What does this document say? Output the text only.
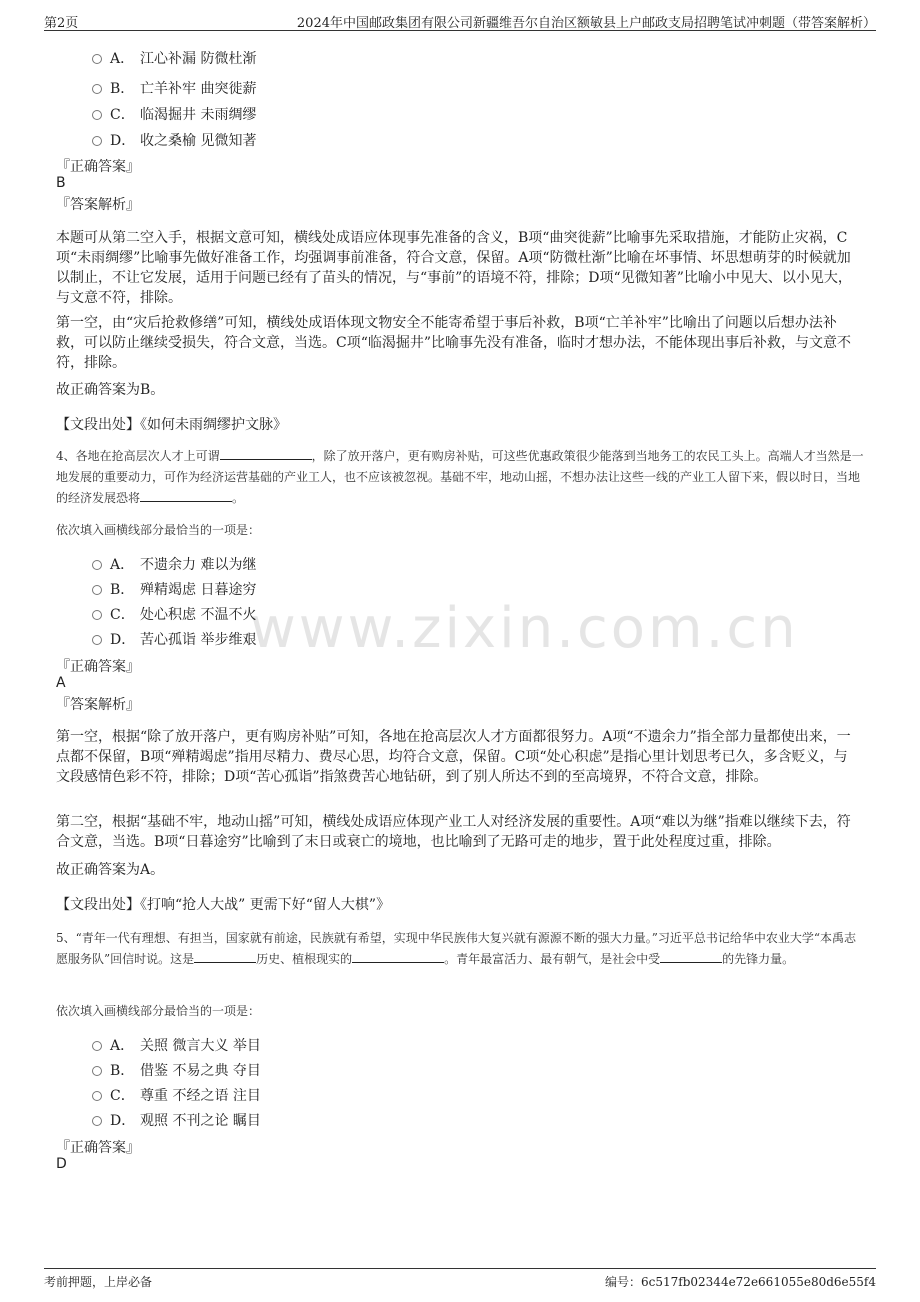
第2页	2024年中国邮政集团有限公司新疆维吾尔自治区额敏县上户邮政支局招聘笔试冲刺题（带答案解析）
www.zixin.com.cn
A． 江心补漏 防微杜渐
B． 亡羊补牢 曲突徙薪
C． 临渴掘井 未雨绸缪
D． 收之桑榆 见微知著
『正确答案』
B
『答案解析』
本题可从第二空入手，根据文意可知，横线处成语应体现事先准备的含义，B项“曲突徙薪”比喻事先采取措施，才能防止灾祸，C项“未雨绸缪”比喻事先做好准备工作，均强调事前准备，符合文意，保留。A项“防微杜渐”比喻在坏事情、坏思想萌芽的时候就加以制止，不让它发展，适用于问题已经有了苗头的情况，与“事前”的语境不符，排除；D项“见微知著”比喻小中见大、以小见大，与文意不符，排除。
第一空，由“灾后抢救修缮”可知，横线处成语体现文物安全不能寄希望于事后补救，B项“亡羊补牢”比喻出了问题以后想办法补救，可以防止继续受损失，符合文意，当选。C项“临渴掘井”比喻事先没有准备，临时才想办法，不能体现出事后补救，与文意不符，排除。
故正确答案为B。
【文段出处】《如何未雨绸缪护文脉》
4、各地在抢高层次人才上可谓	，除了放开落户，更有购房补贴，可这些优惠政策很少能落到当地务工的农民工头上。高端人才当然是一地发展的重要动力，可作为经济运营基础的产业工人，也不应该被忽视。基础不牢，地动山摇，不想办法让这些一线的产业工人留下来，假以时日，当地的经济发展恐将	。
依次填入画横线部分最恰当的一项是：
A． 不遗余力 难以为继
B． 殚精竭虑 日暮途穷
C． 处心积虑 不温不火
D． 苦心孤诣 举步维艰
『正确答案』
A
『答案解析』
第一空，根据“除了放开落户，更有购房补贴”可知，各地在抢高层次人才方面都很努力。A项“不遗余力”指全部力量都使出来，一点都不保留，B项“殚精竭虑”指用尽精力、费尽心思，均符合文意，保留。C项“处心积虑”是指心里计划思考已久，多含贬义，与文段感情色彩不符，排除；D项“苦心孤诣”指煞费苦心地钻研，到了别人所达不到的至高境界，不符合文意，排除。
第二空，根据“基础不牢，地动山摇”可知，横线处成语应体现产业工人对经济发展的重要性。A项“难以为继”指难以继续下去，符合文意，当选。B项“日暮途穷”比喻到了末日或衰亡的境地，也比喻到了无路可走的地步，置于此处程度过重，排除。
故正确答案为A。
【文段出处】《打响“抢人大战” 更需下好“留人大棋”》
5、“青年一代有理想、有担当，国家就有前途，民族就有希望，实现中华民族伟大复兴就有源源不断的强大力量。”习近平总书记给华中农业大学“本禹志愿服务队”回信时说。这是	历史、植根现实的	。青年最富活力、最有朝气，是社会中受	的先锋力量。
依次填入画横线部分最恰当的一项是：
A． 关照 微言大义 举目
B． 借鉴 不易之典 夺目
C． 尊重 不经之语 注目
D． 观照 不刊之论 瞩目
『正确答案』
D
考前押题，上岸必备	编号：6c517fb02344e72e661055e80d6e55f4
